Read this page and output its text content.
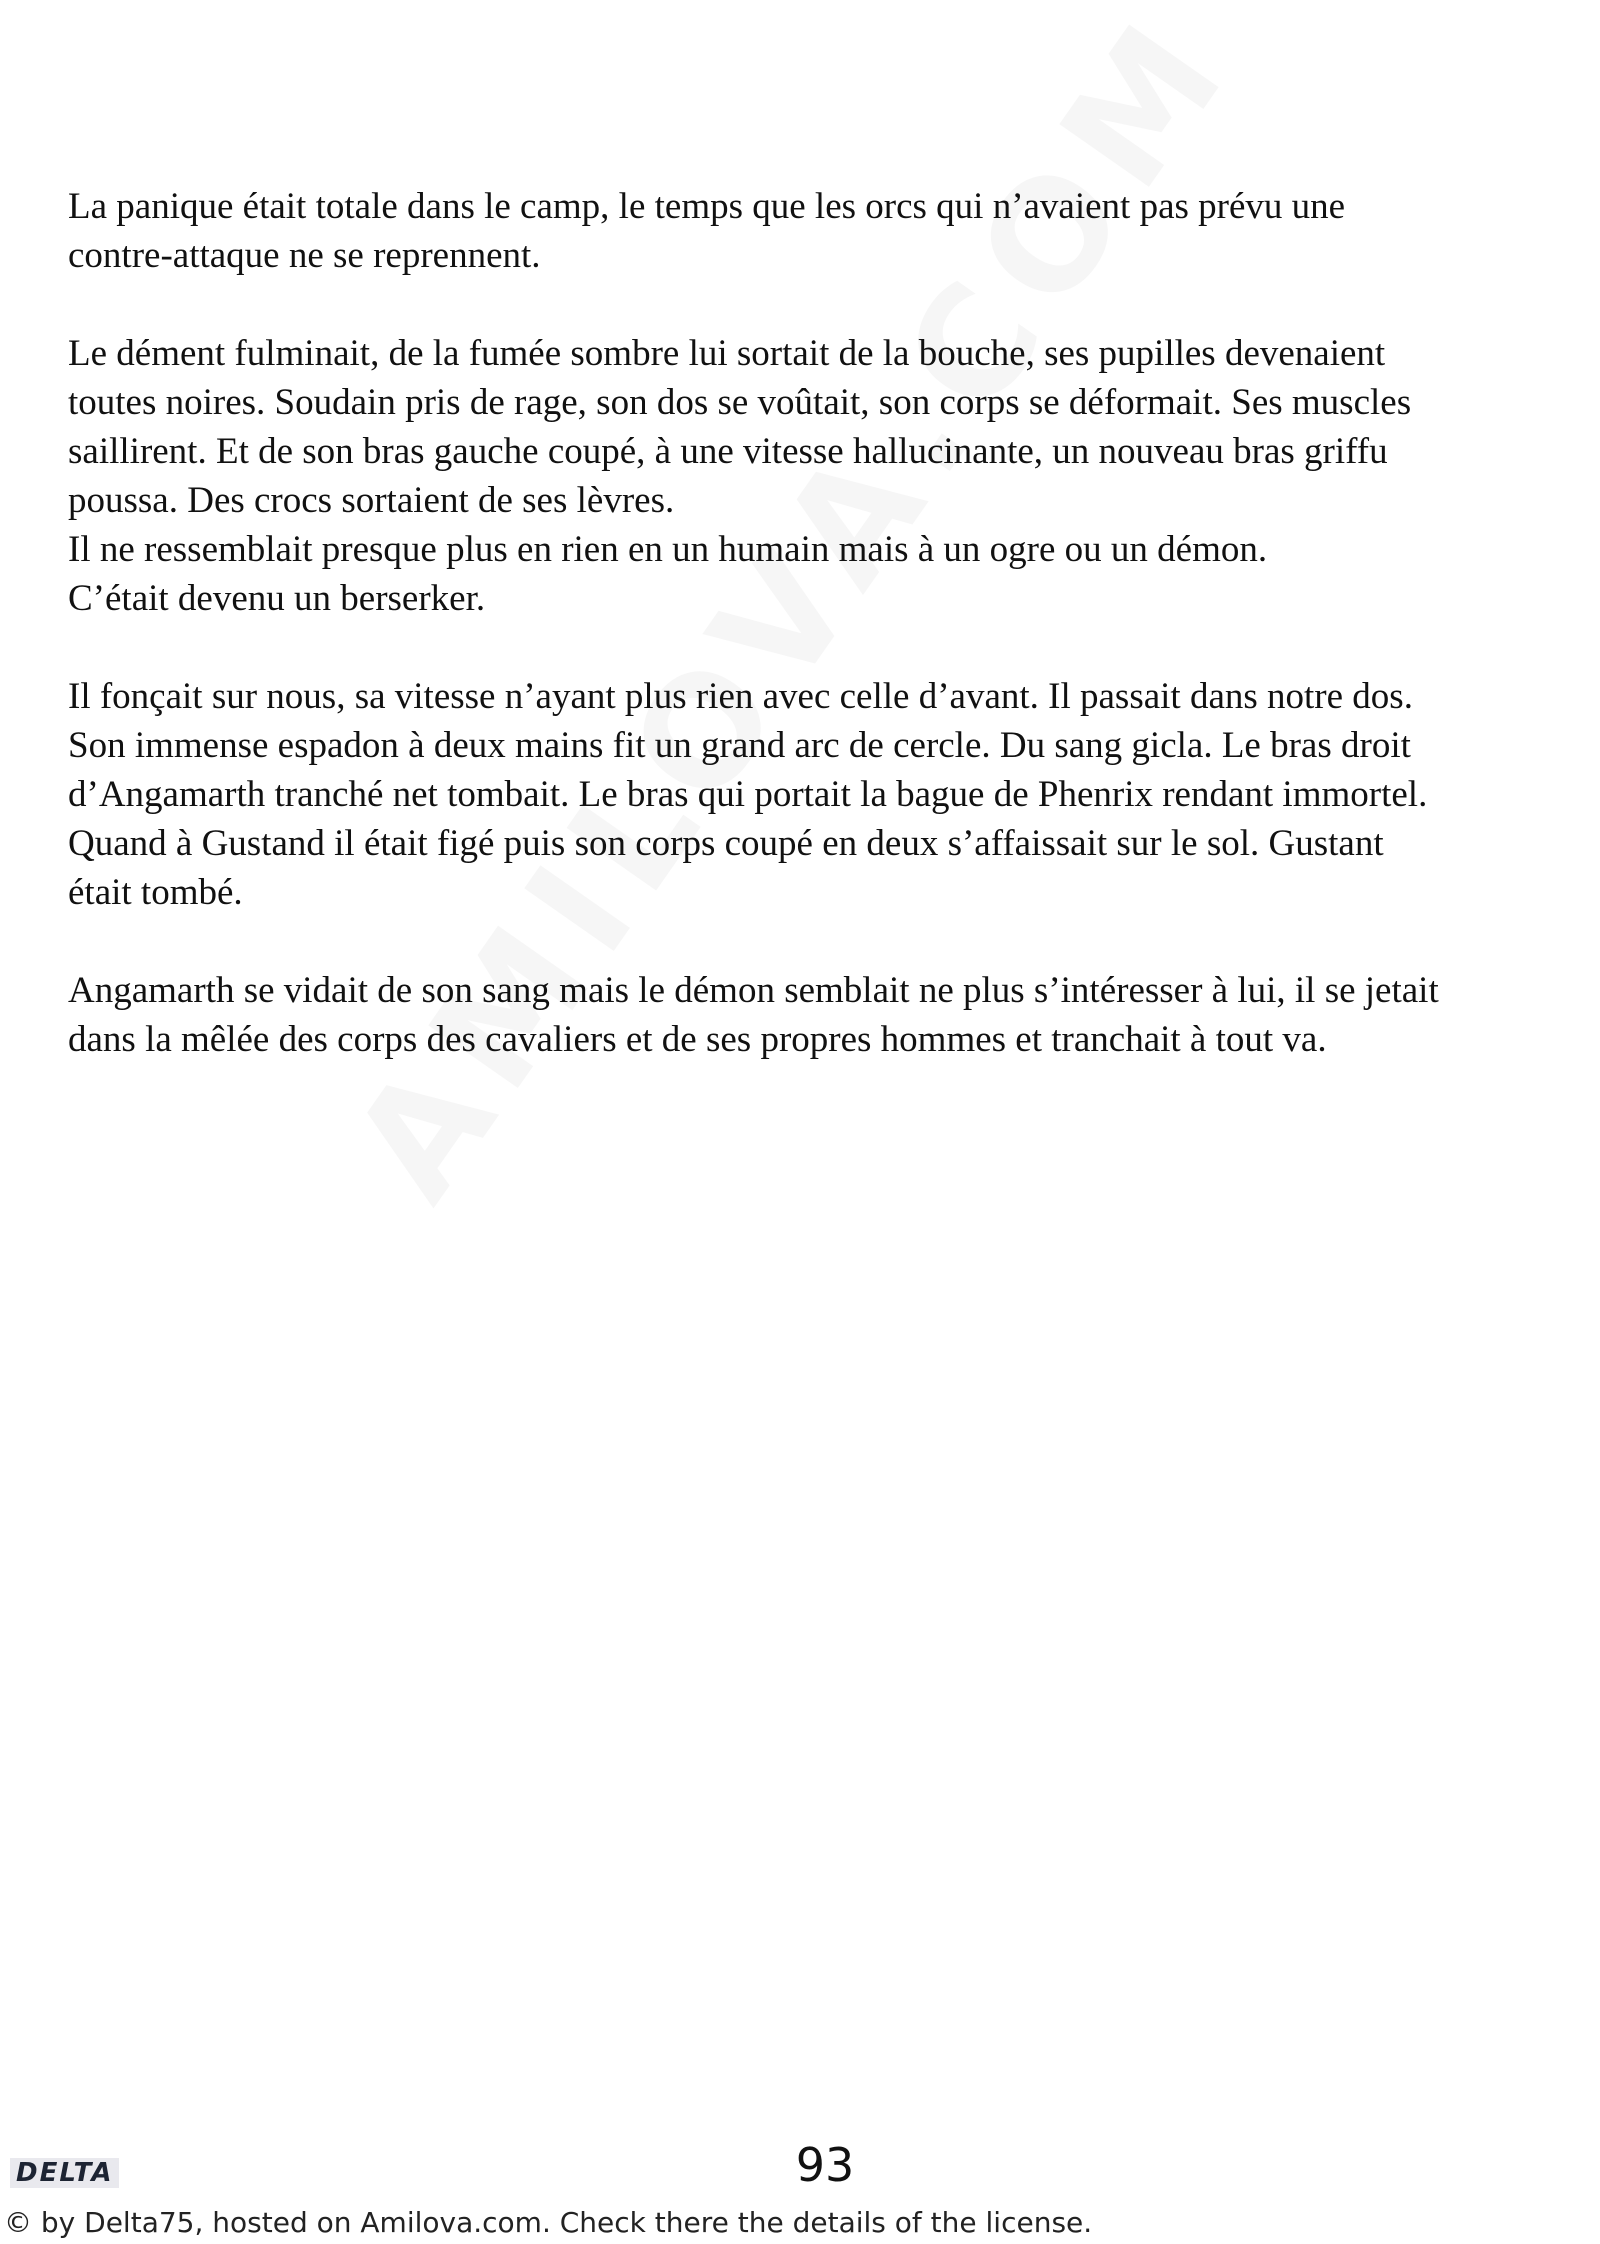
La panique était totale dans le camp, le temps que les orcs qui n’avaient pas prévu une
contre-attaque ne se reprennent.

Le dément fulminait, de la fumée sombre lui sortait de la bouche, ses pupilles devenaient
toutes noires. Soudain pris de rage, son dos se voûtait, son corps se déformait. Ses muscles
saillirent. Et de son bras gauche coupé, à une vitesse hallucinante, un nouveau bras griffu
poussa. Des crocs sortaient de ses lèvres.
Il ne ressemblait presque plus en rien en un humain mais à un ogre ou un démon.
C’était devenu un berserker.

Il fonçait sur nous, sa vitesse n’ayant plus rien avec celle d’avant. Il passait dans notre dos.
Son immense espadon à deux mains fit un grand arc de cercle. Du sang gicla. Le bras droit
d’Angamarth tranché net tombait. Le bras qui portait la bague de Phenrix rendant immortel.
Quand à Gustand il était figé puis son corps coupé en deux s’affaissait sur le sol. Gustant
était tombé.

Angamarth se vidait de son sang mais le démon semblait ne plus s’intéresser à lui, il se jetait
dans la mêlée des corps des cavaliers et de ses propres hommes et tranchait à tout va.

DELTA	93
© by Delta75, hosted on Amilova.com. Check there the details of the license.
